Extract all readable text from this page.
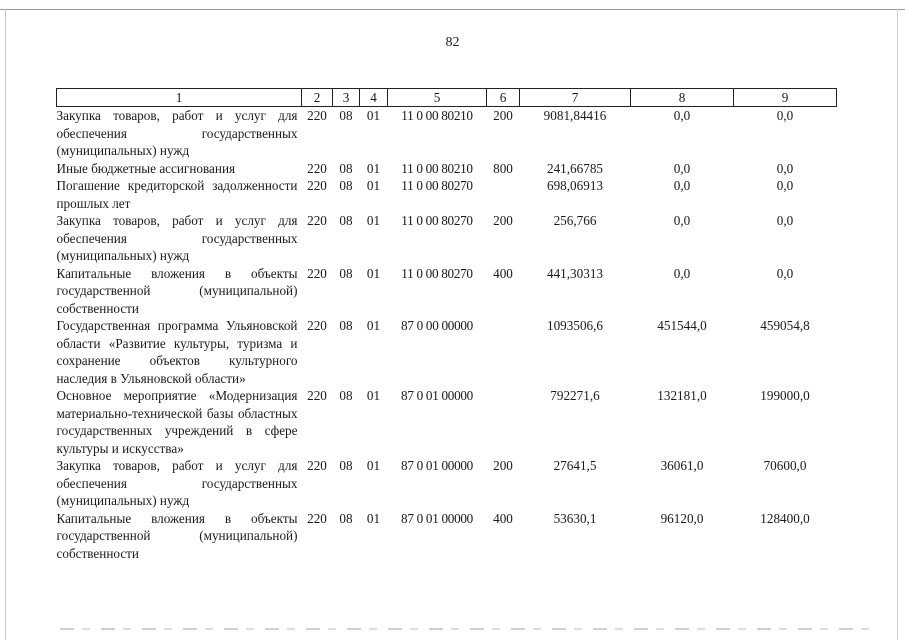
82
1	2	3	4	5	6	7	8	9
Закупка товаров, работ и услуг для обеспечения государственных (муниципальных) нужд	220	08	01	11 0 00 80210	200	9081,84416	0,0	0,0
Иные бюджетные ассигнования	220	08	01	11 0 00 80210	800	241,66785	0,0	0,0
Погашение кредиторской задолженности прошлых лет	220	08	01	11 0 00 80270		698,06913	0,0	0,0
Закупка товаров, работ и услуг для обеспечения государственных (муниципальных) нужд	220	08	01	11 0 00 80270	200	256,766	0,0	0,0
Капитальные вложения в объекты государственной (муниципальной) собственности	220	08	01	11 0 00 80270	400	441,30313	0,0	0,0
Государственная программа Ульяновской области «Развитие культуры, туризма и сохранение объектов культурного наследия в Ульяновской области»	220	08	01	87 0 00 00000		1093506,6	451544,0	459054,8
Основное мероприятие «Модернизация материально-технической базы областных государственных учреждений в сфере культуры и искусства»	220	08	01	87 0 01 00000		792271,6	132181,0	199000,0
Закупка товаров, работ и услуг для обеспечения государственных (муниципальных) нужд	220	08	01	87 0 01 00000	200	27641,5	36061,0	70600,0
Капитальные вложения в объекты государственной (муниципальной) собственности	220	08	01	87 0 01 00000	400	53630,1	96120,0	128400,0
